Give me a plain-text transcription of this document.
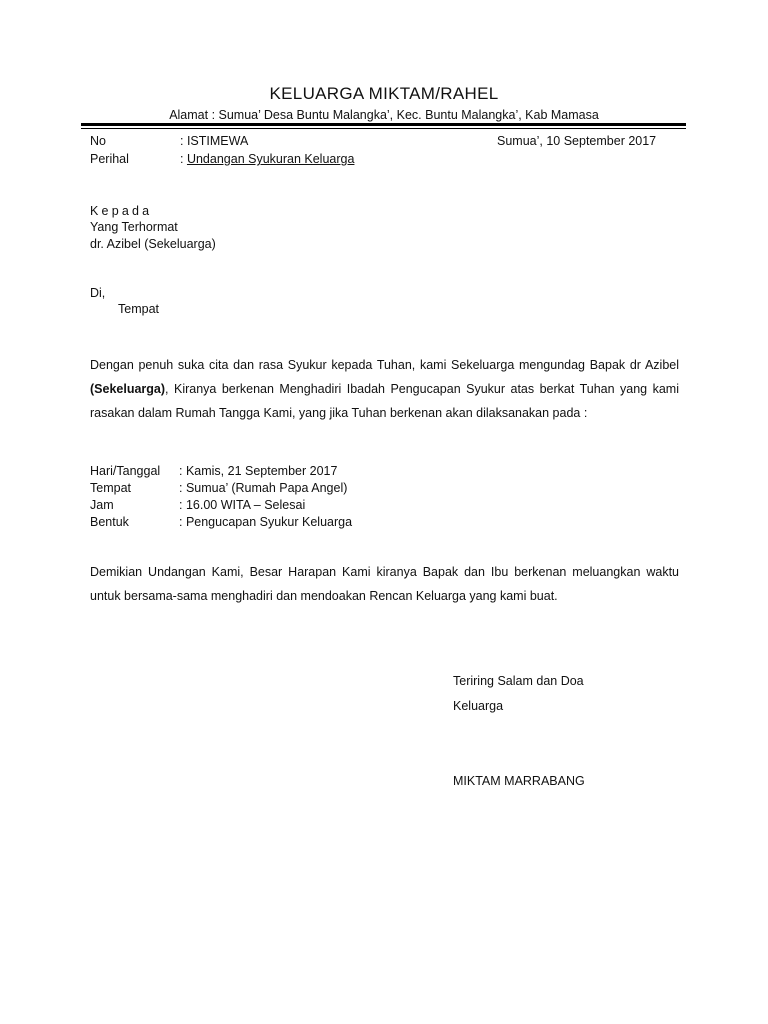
KELUARGA MIKTAM/RAHEL
Alamat : Sumua’ Desa Buntu Malangka’, Kec. Buntu Malangka’, Kab Mamasa
No	: ISTIMEWA	Sumua’, 10 September 2017
Perihal	: Undangan Syukuran Keluarga
Kepada
Yang Terhormat
dr. Azibel (Sekeluarga)
Di,
Tempat
Dengan penuh suka cita dan rasa Syukur kepada Tuhan, kami Sekeluarga mengundag Bapak dr Azibel (Sekeluarga), Kiranya berkenan Menghadiri Ibadah Pengucapan Syukur atas berkat Tuhan yang kami rasakan dalam Rumah Tangga Kami, yang jika Tuhan berkenan akan dilaksanakan pada :
Hari/Tanggal : Kamis, 21 September 2017
Tempat	: Sumua’ (Rumah Papa Angel)
Jam	: 16.00 WITA – Selesai
Bentuk	: Pengucapan Syukur Keluarga
Demikian Undangan Kami, Besar Harapan Kami kiranya Bapak dan Ibu berkenan meluangkan waktu untuk bersama-sama menghadiri dan mendoakan Rencan Keluarga yang kami buat.
Teriring Salam dan Doa
Keluarga
MIKTAM MARRABANG
